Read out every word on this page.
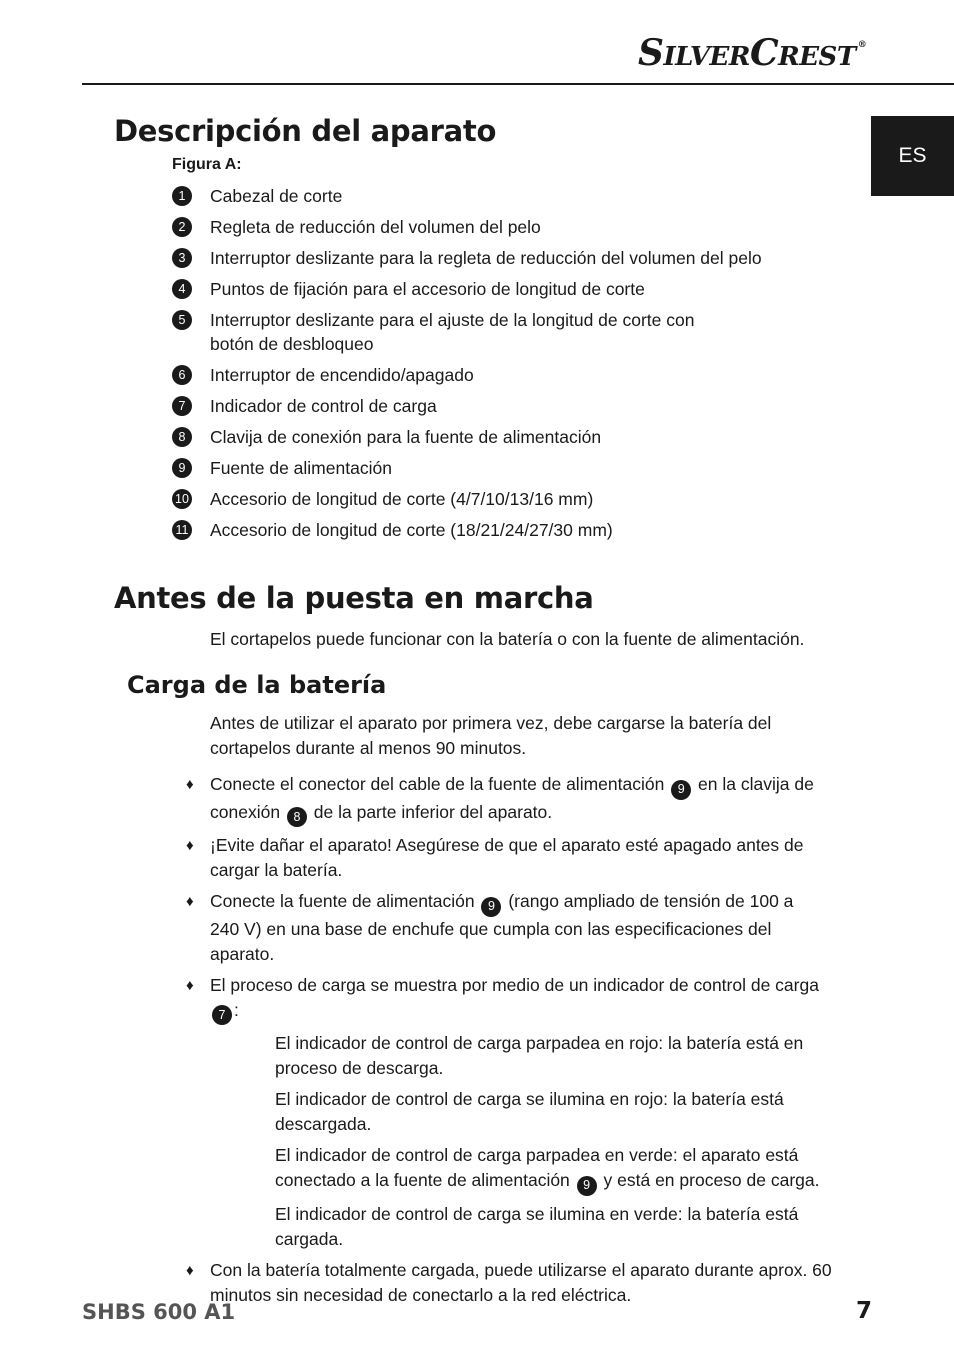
SILVERCREST ®
ES
Descripción del aparato
Figura A:
1	Cabezal de corte
2	Regleta de reducción del volumen del pelo
3	Interruptor deslizante para la regleta de reducción del volumen del pelo
4	Puntos de fijación para el accesorio de longitud de corte
5	Interruptor deslizante para el ajuste de la longitud de corte con botón de desbloqueo
6	Interruptor de encendido/apagado
7	Indicador de control de carga
8	Clavija de conexión para la fuente de alimentación
9	Fuente de alimentación
10 Accesorio de longitud de corte (4/7/10/13/16 mm)
11 Accesorio de longitud de corte (18/21/24/27/30 mm)
Antes de la puesta en marcha

El cortapelos puede funcionar con la batería o con la fuente de alimentación.

Carga de la batería

Antes de utilizar el aparato por primera vez, debe cargarse la batería del cortapelos durante al menos 90 minutos.

♦ Conecte el conector del cable de la fuente de alimentación 9 en la clavija de conexión 8 de la parte inferior del aparato.
♦ ¡Evite dañar el aparato! Asegúrese de que el aparato esté apagado antes de cargar la batería.
♦ Conecte la fuente de alimentación 9 (rango ampliado de tensión de 100 a 240 V) en una base de enchufe que cumpla con las especificaciones del aparato.
♦ El proceso de carga se muestra por medio de un indicador de control de carga 7 :
El indicador de control de carga parpadea en rojo: la batería está en proceso de descarga.
El indicador de control de carga se ilumina en rojo: la batería está descargada.
El indicador de control de carga parpadea en verde: el aparato está conectado a la fuente de alimentación 9 y está en proceso de carga.
El indicador de control de carga se ilumina en verde: la batería está cargada.
♦ Con la batería totalmente cargada, puede utilizarse el aparato durante aprox. 60 minutos sin necesidad de conectarlo a la red eléctrica.
SHBS 600 A1	7
